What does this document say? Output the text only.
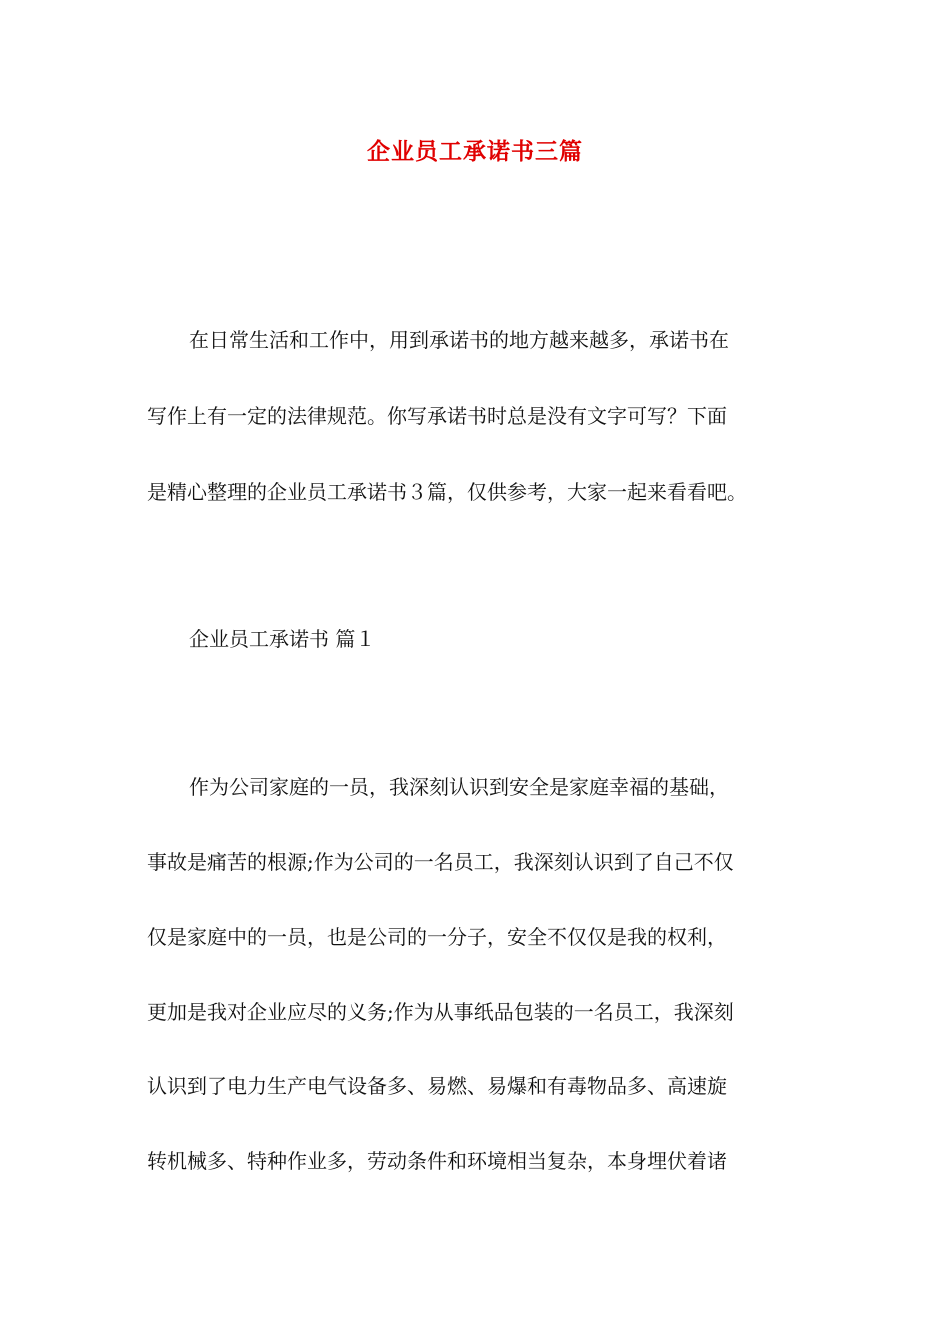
企业员工承诺书三篇

在日常生活和工作中，用到承诺书的地方越来越多，承诺书在

写作上有一定的法律规范。你写承诺书时总是没有文字可写？下面

是精心整理的企业员工承诺书３篇，仅供参考，大家一起来看看吧。

企业员工承诺书 篇１

作为公司家庭的一员，我深刻认识到安全是家庭幸福的基础，

事故是痛苦的根源;作为公司的一名员工，我深刻认识到了自己不仅

仅是家庭中的一员，也是公司的一分子，安全不仅仅是我的权利，

更加是我对企业应尽的义务;作为从事纸品包装的一名员工，我深刻

认识到了电力生产电气设备多、易燃、易爆和有毒物品多、高速旋

转机械多、特种作业多，劳动条件和环境相当复杂，本身埋伏着诸
